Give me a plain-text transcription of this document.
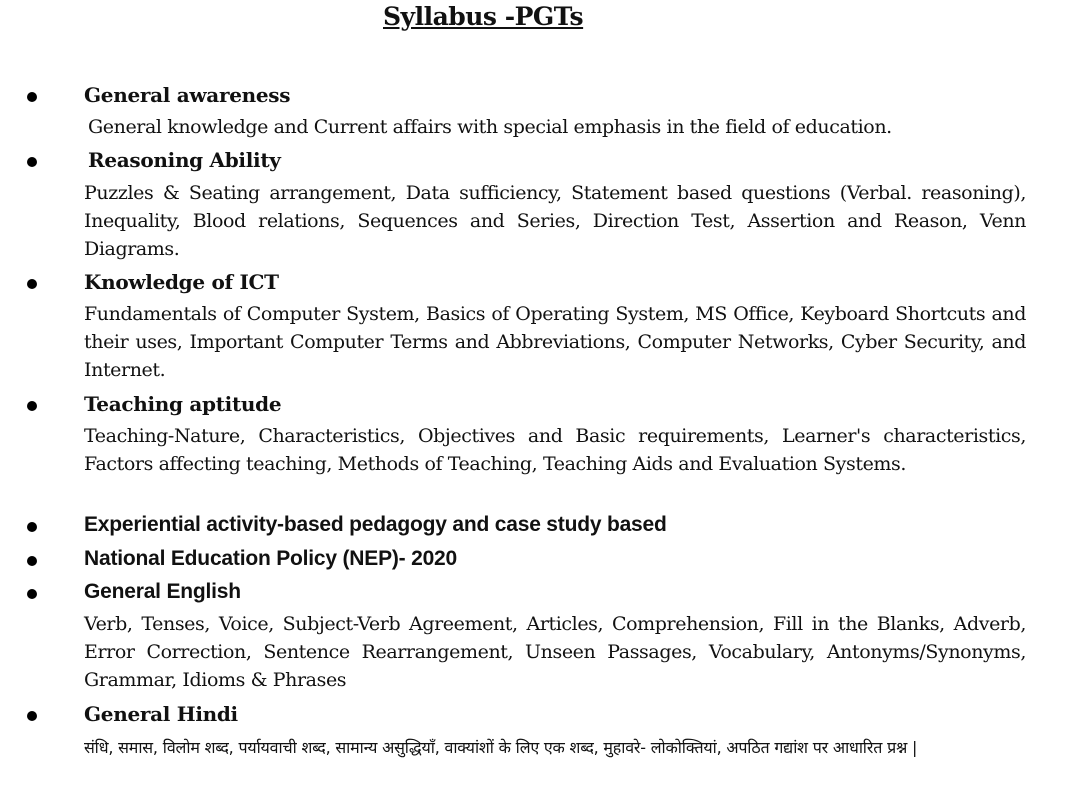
Syllabus -PGTs
General awareness
General knowledge and Current affairs with special emphasis in the field of education.
Reasoning Ability
Puzzles & Seating arrangement, Data sufficiency, Statement based questions (Verbal. reasoning), Inequality, Blood relations, Sequences and Series, Direction Test, Assertion and Reason, Venn Diagrams.
Knowledge of ICT
Fundamentals of Computer System, Basics of Operating System, MS Office, Keyboard Shortcuts and their uses, Important Computer Terms and Abbreviations, Computer Networks, Cyber Security, and Internet.
Teaching aptitude
Teaching-Nature, Characteristics, Objectives and Basic requirements, Learner's characteristics, Factors affecting teaching, Methods of Teaching, Teaching Aids and Evaluation Systems.
Experiential activity-based pedagogy and case study based
National Education Policy (NEP)- 2020
General English
Verb, Tenses, Voice, Subject-Verb Agreement, Articles, Comprehension, Fill in the Blanks, Adverb, Error Correction, Sentence Rearrangement, Unseen Passages, Vocabulary, Antonyms/Synonyms, Grammar, Idioms & Phrases
General Hindi
संधि, समास, विलोम शब्द, पर्यायवाची शब्द, सामान्य असुद्धियाँ, वाक्यांशों के लिए एक शब्द, मुहावरे- लोकोक्तियां, अपठित गद्यांश पर आधारित प्रश्न |
